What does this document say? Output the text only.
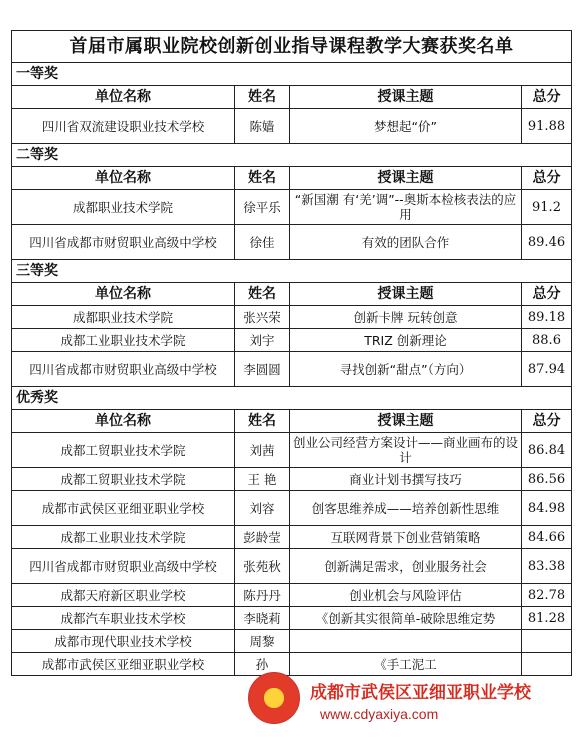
首届市属职业院校创新创业指导课程教学大赛获奖名单			
一等奖			
单位名称	姓名	授课主题	总分
四川省双流建设职业技术学校	陈嫱	梦想起“价”	91.88
二等奖			
单位名称	姓名	授课主题	总分
成都职业技术学院	徐平乐	“新国潮 有‘羌’调”--奥斯本检核表法的应用	91.2
四川省成都市财贸职业高级中学校	徐佳	有效的团队合作	89.46
三等奖			
单位名称	姓名	授课主题	总分
成都职业技术学院	张兴荣	创新卡牌 玩转创意	89.18
成都工业职业技术学院	刘宇	TRIZ 创新理论	88.6
四川省成都市财贸职业高级中学校	李圆圆	寻找创新“甜点”（方向）	87.94
优秀奖			
单位名称	姓名	授课主题	总分
成都工贸职业技术学院	刘茜	创业公司经营方案设计——商业画布的设计	86.84
成都工贸职业技术学院	王 艳	商业计划书撰写技巧	86.56
成都市武侯区亚细亚职业学校	刘容	创客思维养成——培养创新性思维	84.98
成都工业职业技术学院	彭龄莹	互联网背景下创业营销策略	84.66
四川省成都市财贸职业高级中学校	张苑秋	创新满足需求，创业服务社会	83.38
成都天府新区职业学校	陈丹丹	创业机会与风险评估	82.78
成都汽车职业技术学校	李晓莉	《创新其实很简单-破除思维定势	81.28
成都市现代职业技术学校	周黎		
成都市武侯区亚细亚职业学校	孙	《手工泥工	
成都市武侯区亚细亚职业学校
www.cdyaxiya.com
